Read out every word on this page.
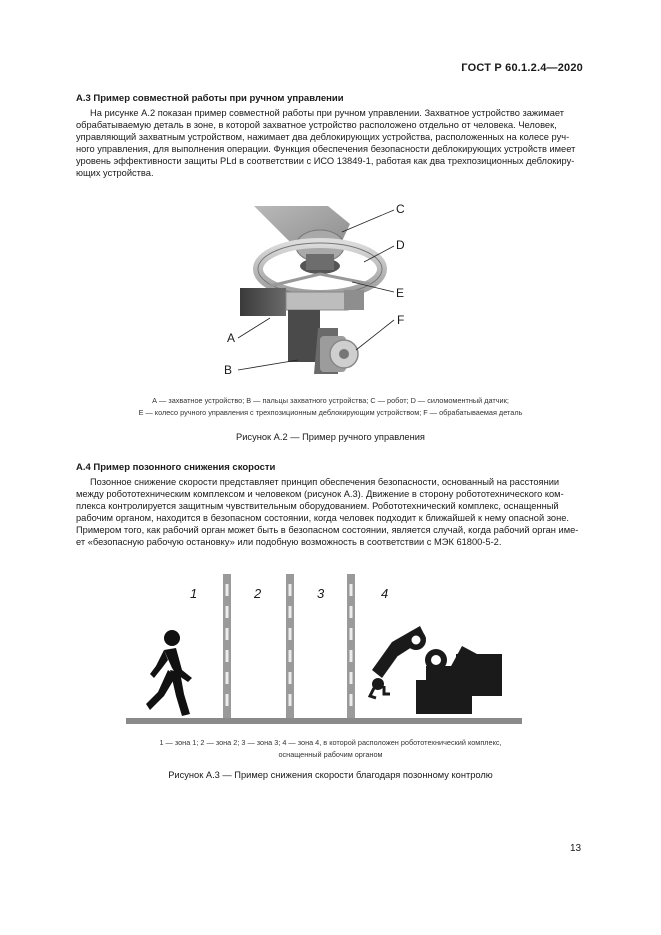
ГОСТ Р 60.1.2.4—2020
А.3 Пример совместной работы при ручном управлении
На рисунке А.2 показан пример совместной работы при ручном управлении. Захватное устройство зажимает
обрабатываемую деталь в зоне, в которой захватное устройство расположено отдельно от человека. Человек,
управляющий захватным устройством, нажимает два деблокирующих устройства, расположенных на колесе руч-
ного управления, для выполнения операции. Функция обеспечения безопасности деблокирующих устройств имеет
уровень эффективности защиты PLd в соответствии с ИСО 13849-1, работая как два трехпозиционных деблокиру-
ющих устройства.
C
D
E
F
A
B
А — захватное устройство; В — пальцы захватного устройства; С — робот; D — силомоментный датчик;
Е — колесо ручного управления с трехпозиционным деблокирующим устройством; F — обрабатываемая деталь
Рисунок А.2 — Пример ручного управления
А.4 Пример позонного снижения скорости
Позонное снижение скорости представляет принцип обеспечения безопасности, основанный на расстоянии
между робототехническим комплексом и человеком (рисунок А.3). Движение в сторону робототехнического ком-
плекса контролируется защитным чувствительным оборудованием. Робототехнический комплекс, оснащенный
рабочим органом, находится в безопасном состоянии, когда человек подходит к ближайшей к нему опасной зоне.
Примером того, как рабочий орган может быть в безопасном состоянии, является случай, когда рабочий орган име-
ет «безопасную рабочую остановку» или подобную возможность в соответствии с МЭК 61800-5-2.
1	2	3	4
1 — зона 1; 2 — зона 2; 3 — зона 3; 4 — зона 4, в которой расположен робототехнический комплекс,
оснащенный рабочим органом
Рисунок А.3 — Пример снижения скорости благодаря позонному контролю
13
